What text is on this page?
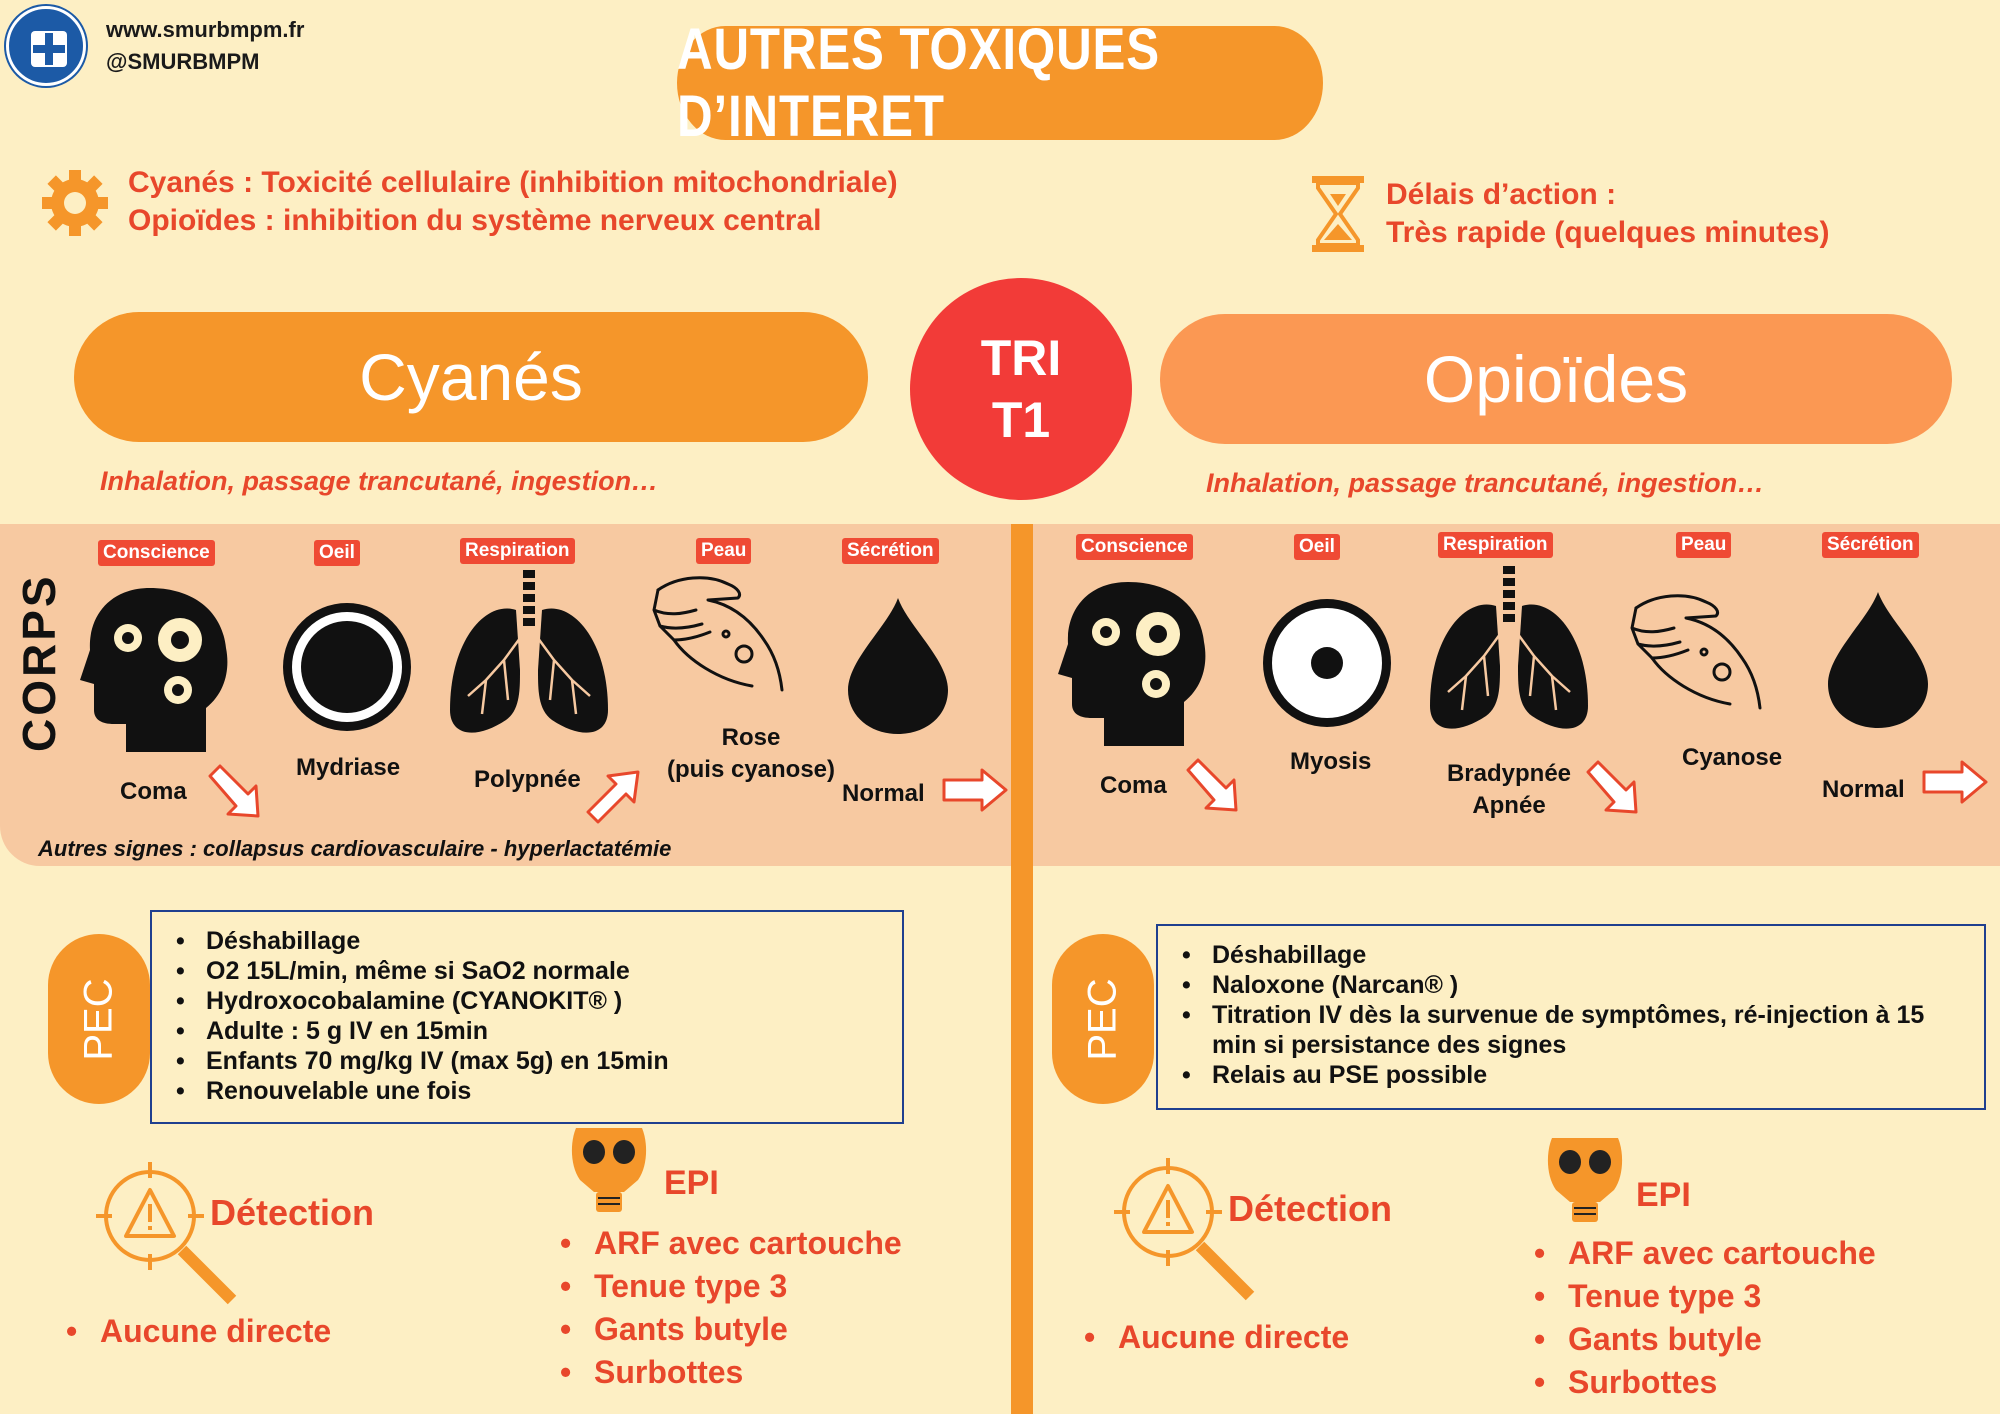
www.smurbmpm.fr
@SMURBMPM	AUTRES TOXIQUES D’INTERET
Cyanés : Toxicité cellulaire (inhibition mitochondriale)
Opioïdes : inhibition du système nerveux central
Délais d’action :
Très rapide (quelques minutes)
Cyanés	Opioïdes
TRI
T1
Inhalation, passage trancutané, ingestion…	Inhalation, passage trancutané, ingestion…
CORPS
Conscience	Oeil	Respiration	Peau	Sécrétion
Coma
Mydriase	Polypnée
Rose
(puis cyanose)
Normal
Autres signes : collapsus cardiovasculaire - hyperlactatémie
Conscience	Oeil	Respiration	Peau	Sécrétion
Coma
Myosis	Bradypnée
Apnée
Cyanose
Normal
PEC
• Déshabillage
• O2 15L/min, même si SaO2 normale
• Hydroxocobalamine (CYANOKIT® )
• Adulte : 5 g IV en 15min
• Enfants 70 mg/kg IV (max 5g) en 15min
• Renouvelable une fois
PEC
• Déshabillage
• Naloxone (Narcan® )
• Titration IV dès la survenue de symptômes, ré-injection à 15 min si persistance des signes
• Relais au PSE possible
Détection
• Aucune directe
EPI
• ARF avec cartouche
• Tenue type 3
• Gants butyle
• Surbottes
Détection
• Aucune directe
EPI
• ARF avec cartouche
• Tenue type 3
• Gants butyle
• Surbottes
